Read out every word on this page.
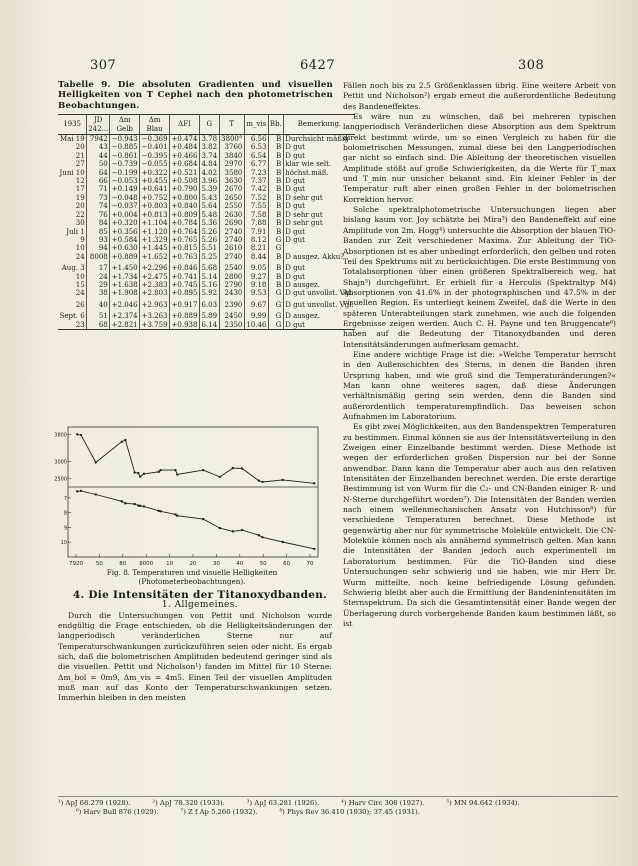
307	6427	308
Tabelle 9. Die absoluten Gradienten und visuellen Helligkeiten von T Cephei nach den photometrischen Beobachtungen.
1935	JD 242...	Δm Gelb	Δm Blau	ΔFI	G	T	m_vis	Bb.	Bemerkung.
Mai 19	7942	−0.943	−0.369	+0.474	3.78	3800°	6.56	B	Durchsicht mäßig
20	43	−0.885	−0.401	+0.484	3.82	3760	6.53	B	D gut
21	44	−0.861	−0.395	+0.466	3.74	3840	6.54	B	D gut
27	50	−0.739	−0.055	+0.684	4.84	2970	6.77	B	klar wie selt.
Juni 10	64	−0.199	+0.322	+0.521	4.02	3580	7.23	B	höchst.mäß.
12	66	−0.053	+0.455	+0.508	3.96	3630	7.37	B	D gut
17	71	+0.149	+0.641	+0.790	5.39	2670	7.42	B	D gut
19	73	−0.048	+0.752	+0.800	5.43	2650	7.52	B	D sehr gut
20	74	−0.037	+0.803	+0.840	5.64	2550	7.55	B	D gut
22	76	+0.004	+0.813	+0.809	5.48	2630	7.58	B	D sehr gut
30	84	+0.320	+1.104	+0.784	5.36	2690	7.88	B	D sehr gut
Juli 1	85	+0.356	+1.120	+0.764	5.26	2740	7.91	B	D gut
9	93	+0.584	+1.329	+0.765	5.26	2740	8.12	G	D gut
10	94	+0.630	+1.445	+0.815	5.51	2610	8.21	G	
24	8008	+0.889	+1.652	+0.763	5.25	2740	8.44	B	D ausgez. Akku?
Aug. 3	17	+1.450	+2.296	+0.846	5.68	2540	9.05	B	D gut
10	24	+1.734	+2.475	+0.741	5.14	2800	9.27	B	D gut
15	29	+1.638	+2.383	+0.745	5.16	2790	9.18	B	D ausgez.
24	38	+1.908	+2.803	+0.895	5.92	2430	9.53	G	D gut unvollst. Vgl.
26	40	+2.046	+2.963	+0.917	6.03	2390	9.67	G	D gut unvollst. Vgl.
Sept. 6	51	+2.374	+3.263	+0.889	5.89	2450	9.99	G	D ausgez.
23	68	+2.821	+3.759	+0.938	6.14	2350	10.46	G	D gut
7920 50	80 8000 10	20	30	40	50	60	70
3800
3000
2500
7
8
9
10
Fig. 8. Temperaturen und visuelle Helligkeiten
(Photometerbeobachtungen).

4. Die Intensitäten der Titanoxydbanden.

1. Allgemeines.

Durch die Untersuchungen von Pettit und Nicholson wurde endgültig die Frage entschieden, ob die Helligkeitsänderungen der langperiodisch veränderlichen Sterne nur auf Temperaturschwankungen zurückzuführen seien oder nicht. Es ergab sich, daß die bolometrischen Amplituden bedeutend geringer sind als die visuellen. Pettit und Nicholson¹) fanden im Mittel für 10 Sterne: Δm_bol = 0m9, Δm_vis = 4m5. Einen Teil der visuellen Amplituden muß man auf das Konto der Temperaturschwankungen setzen. Immerhin bleiben in den meisten

Fällen noch bis zu 2.5 Größenklassen übrig. Eine weitere Arbeit von Pettit und Nicholson²) ergab erneut die außerordentliche Bedeutung des Bandeneffektes.

Es wäre nun zu wünschen, daß bei mehreren typischen langperiodisch Veränderlichen diese Absorption aus dem Spektrum direkt bestimmt würde, um so einen Vergleich zu haben für die bolometrischen Messungen, zumal diese bei den Langperiodischen gar nicht so einfach sind. Die Ableitung der theoretischen visuellen Amplitude stößt auf große Schwierigkeiten, da die Werte für T_max und T_min nur unsicher bekannt sind. Ein kleiner Fehler in der Temperatur ruft aber einen großen Fehler in der bolometrischen Korrektion hervor.

Solche spektralphotometrische Untersuchungen liegen aber bislang kaum vor. Joy schätzte bei Mira³) den Bandeneffekt auf eine Amplitude von 2m. Hogg⁴) untersuchte die Absorption der blauen TiO-Banden zur Zeit verschiedener Maxima. Zur Ableitung der TiO-Absorptionen ist es aber unbedingt erforderlich, den gelben und roten Teil des Spektrums mit zu berücksichtigen. Die erste Bestimmung von Totalabsorptionen über einen größeren Spektralbereich weg, hat Shajn⁵) durchgeführt. Er erhielt für a Herculis (Spektraltyp M4) Absorptionen von 41.6% in der photographischen und 47.5% in der visuellen Region. Es unterliegt keinem Zweifel, daß die Werte in den späteren Unterabteilungen stark zunehmen, wie auch die folgenden Ergebnisse zeigen werden. Auch C. H. Payne und ten Bruggencate⁶) haben auf die Bedeutung der Titanoxydbanden und deren Intensitätsänderungen aufmerksam gemacht.

Eine andere wichtige Frage ist die: »Welche Temperatur herrscht in den Außenschichten des Sterns, in denen die Banden ihren Ursprung haben, und wie groß sind die Temperaturänderungen?« Man kann ohne weiteres sagen, daß diese Änderungen verhältnismäßig gering sein werden, denn die Banden sind außerordentlich temperaturempfindlich. Das beweisen schon Aufnahmen im Laboratorium.

Es gibt zwei Möglichkeiten, aus den Bandenspektren Temperaturen zu bestimmen. Einmal können sie aus der Intensitätsverteilung in den Zweigen einer Einzelbande bestimmt werden. Diese Methode ist wegen der erforderlichen großen Dispersion nur bei der Sonne anwendbar. Dann kann die Temperatur aber auch aus den relativen Intensitäten der Einzelbanden berechnet werden. Die erste derartige Bestimmung ist von Wurm für die C₂- und CN-Banden einiger R- und N-Sterne durchgeführt worden⁷). Die Intensitäten der Banden werden nach einem wellenmechanischen Ansatz von Hutchisson⁸) für verschiedene Temperaturen berechnet. Diese Methode ist gegenwärtig aber nur für symmetrische Moleküle entwickelt. Die CN-Moleküle können noch als annähernd symmetrisch gelten. Man kann die Intensitäten der Banden jedoch auch experimentell im Laboratorium bestimmen. Für die TiO-Banden sind diese Untersuchungen sehr schwierig und sie haben, wie mir Herr Dr. Wurm mitteilte, noch keine befriedigende Lösung gefunden. Schwierig bleibt aber auch die Ermittlung der Bandenintensitäten im Sternspektrum. Da sich die Gesamtintensität einer Bande wegen der Überlagerung durch vorhergehende Banden kaum bestimmen läßt, so ist

¹) ApJ 68.279 (1928).	²) ApJ 78.320 (1933).	³) ApJ 63.281 (1926).	⁴) Harv Circ 308 (1927).	⁵) MN 94.642 (1934).
⁶) Harv Bull 876 (1929).	⁷) Z f Ap 5.260 (1932).	⁸) Phys Rev 36.410 (1930); 37.45 (1931).
